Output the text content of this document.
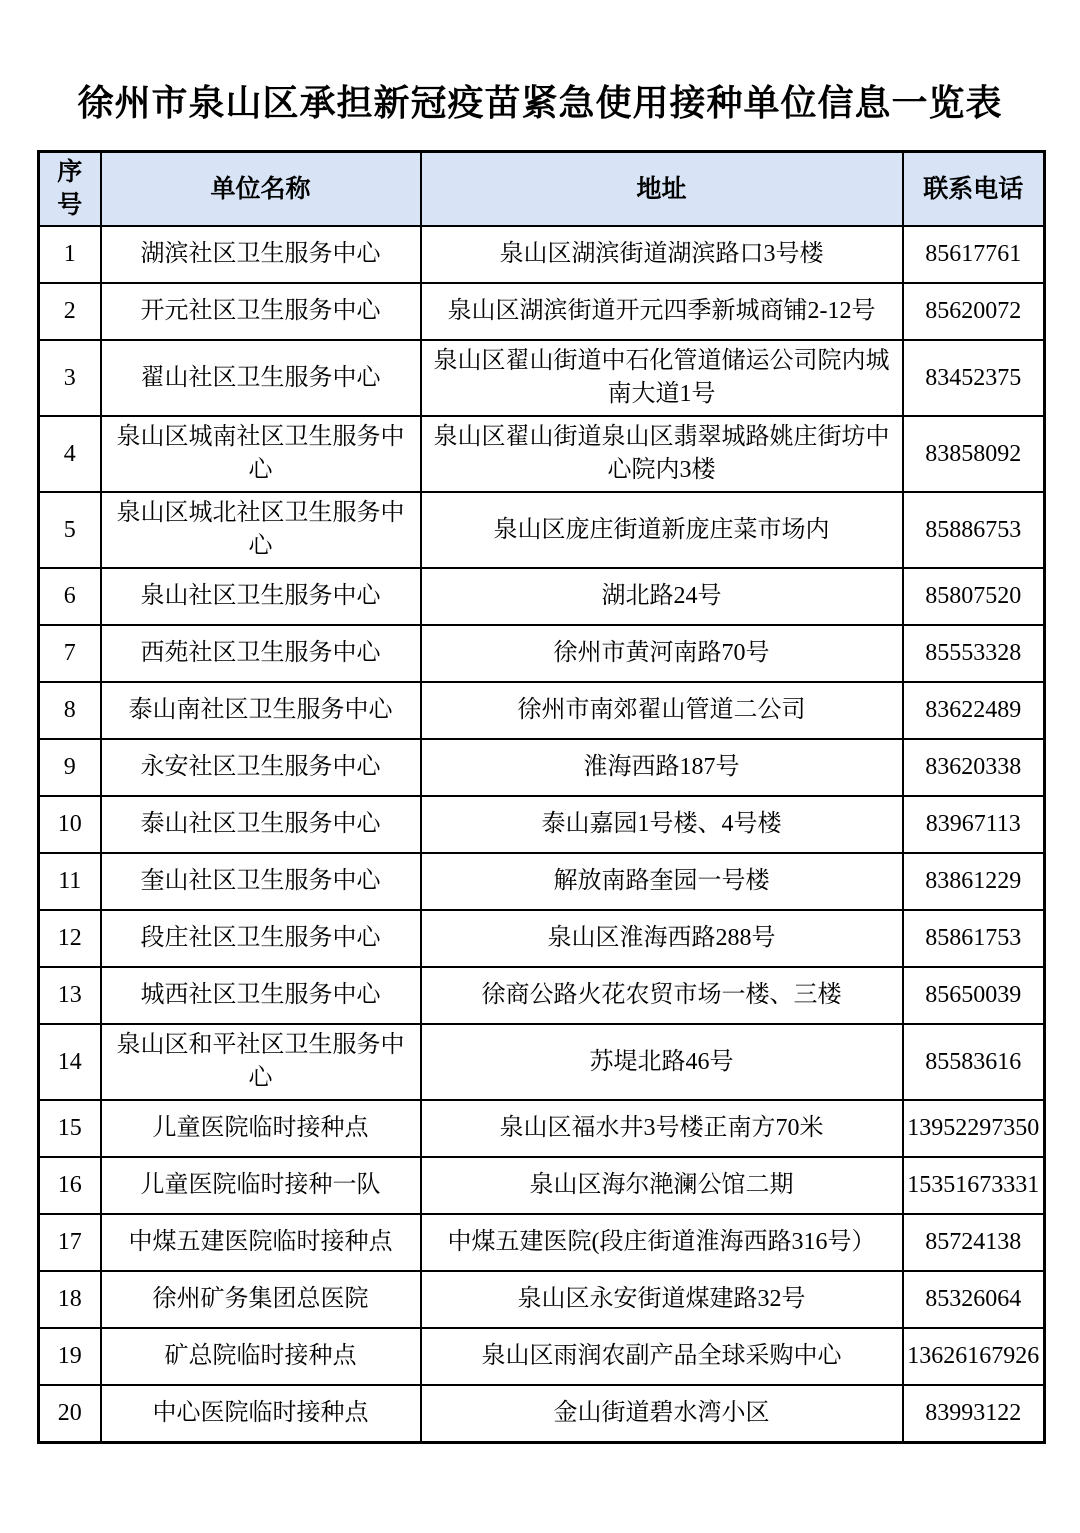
徐州市泉山区承担新冠疫苗紧急使用接种单位信息一览表
序号	单位名称	地址	联系电话
1	湖滨社区卫生服务中心	泉山区湖滨街道湖滨路口3号楼	85617761
2	开元社区卫生服务中心	泉山区湖滨街道开元四季新城商铺2-12号	85620072
3	翟山社区卫生服务中心	泉山区翟山街道中石化管道储运公司院内城南大道1号	83452375
4	泉山区城南社区卫生服务中心	泉山区翟山街道泉山区翡翠城路姚庄街坊中心院内3楼	83858092
5	泉山区城北社区卫生服务中心	泉山区庞庄街道新庞庄菜市场内	85886753
6	泉山社区卫生服务中心	湖北路24号	85807520
7	西苑社区卫生服务中心	徐州市黄河南路70号	85553328
8	泰山南社区卫生服务中心	徐州市南郊翟山管道二公司	83622489
9	永安社区卫生服务中心	淮海西路187号	83620338
10	泰山社区卫生服务中心	泰山嘉园1号楼、4号楼	83967113
11	奎山社区卫生服务中心	解放南路奎园一号楼	83861229
12	段庄社区卫生服务中心	泉山区淮海西路288号	85861753
13	城西社区卫生服务中心	徐商公路火花农贸市场一楼、三楼	85650039
14	泉山区和平社区卫生服务中心	苏堤北路46号	85583616
15	儿童医院临时接种点	泉山区福水井3号楼正南方70米	13952297350
16	儿童医院临时接种一队	泉山区海尔滟澜公馆二期	15351673331
17	中煤五建医院临时接种点	中煤五建医院(段庄街道淮海西路316号）	85724138
18	徐州矿务集团总医院	泉山区永安街道煤建路32号	85326064
19	矿总院临时接种点	泉山区雨润农副产品全球采购中心	13626167926
20	中心医院临时接种点	金山街道碧水湾小区	83993122
